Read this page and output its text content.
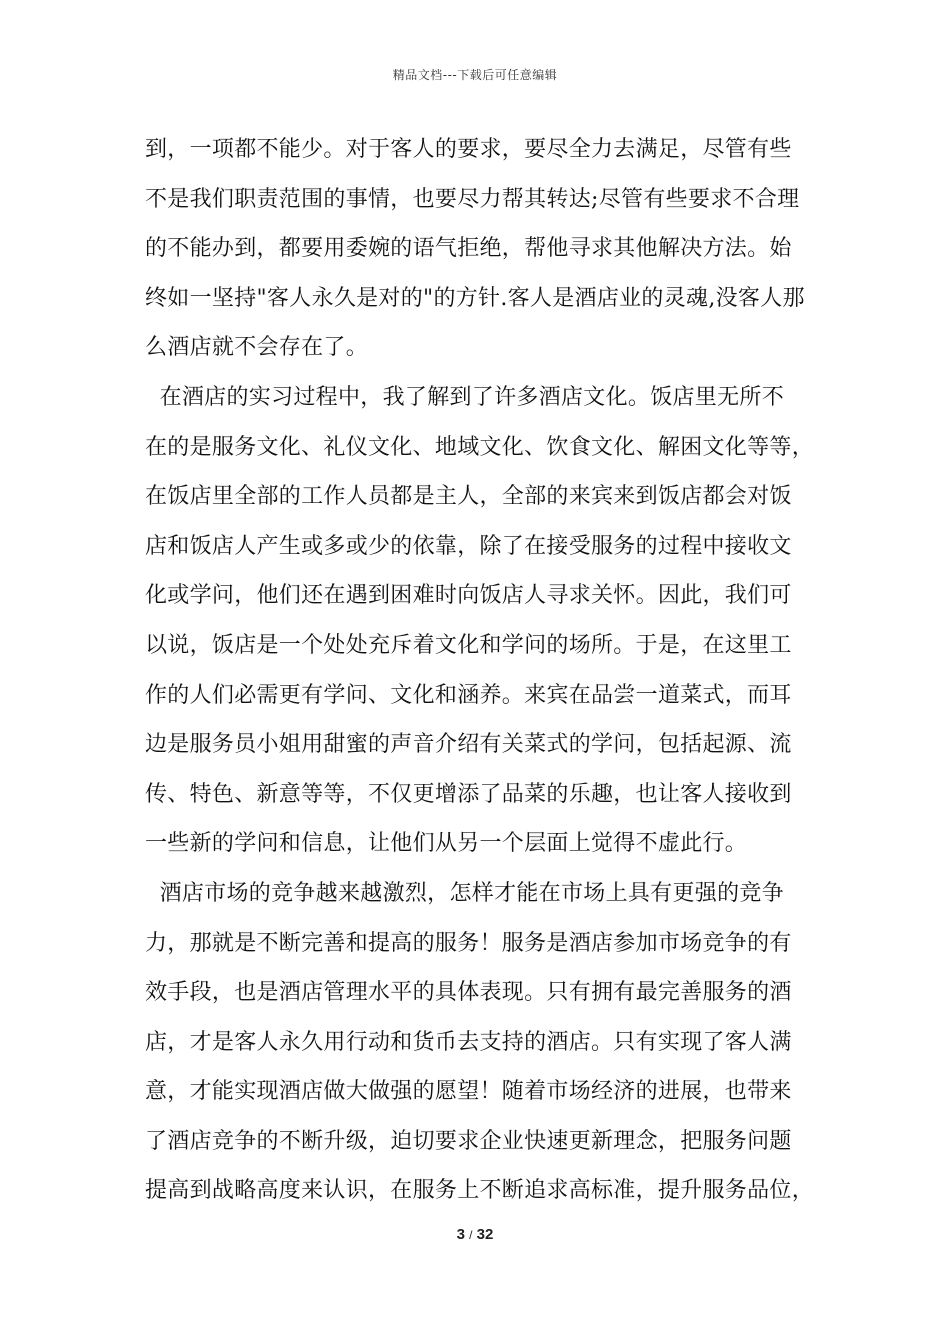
精品文档---下载后可任意编辑
到，一项都不能少。对于客人的要求，要尽全力去满足，尽管有些
不是我们职责范围的事情，也要尽力帮其转达;尽管有些要求不合理
的不能办到，都要用委婉的语气拒绝，帮他寻求其他解决方法。始
终如一坚持"客人永久是对的"的方针.客人是酒店业的灵魂,没客人那
么酒店就不会存在了。
在酒店的实习过程中，我了解到了许多酒店文化。饭店里无所不
在的是服务文化、礼仪文化、地域文化、饮食文化、解困文化等等，
在饭店里全部的工作人员都是主人，全部的来宾来到饭店都会对饭
店和饭店人产生或多或少的依靠，除了在接受服务的过程中接收文
化或学问，他们还在遇到困难时向饭店人寻求关怀。因此，我们可
以说，饭店是一个处处充斥着文化和学问的场所。于是，在这里工
作的人们必需更有学问、文化和涵养。来宾在品尝一道菜式，而耳
边是服务员小姐用甜蜜的声音介绍有关菜式的学问，包括起源、流
传、特色、新意等等，不仅更增添了品菜的乐趣，也让客人接收到
一些新的学问和信息，让他们从另一个层面上觉得不虚此行。
酒店市场的竞争越来越激烈，怎样才能在市场上具有更强的竞争
力，那就是不断完善和提高的服务！服务是酒店参加市场竞争的有
效手段，也是酒店管理水平的具体表现。只有拥有最完善服务的酒
店，才是客人永久用行动和货币去支持的酒店。只有实现了客人满
意，才能实现酒店做大做强的愿望！随着市场经济的进展，也带来
了酒店竞争的不断升级，迫切要求企业快速更新理念，把服务问题
提高到战略高度来认识，在服务上不断追求高标准，提升服务品位，
3 / 32
